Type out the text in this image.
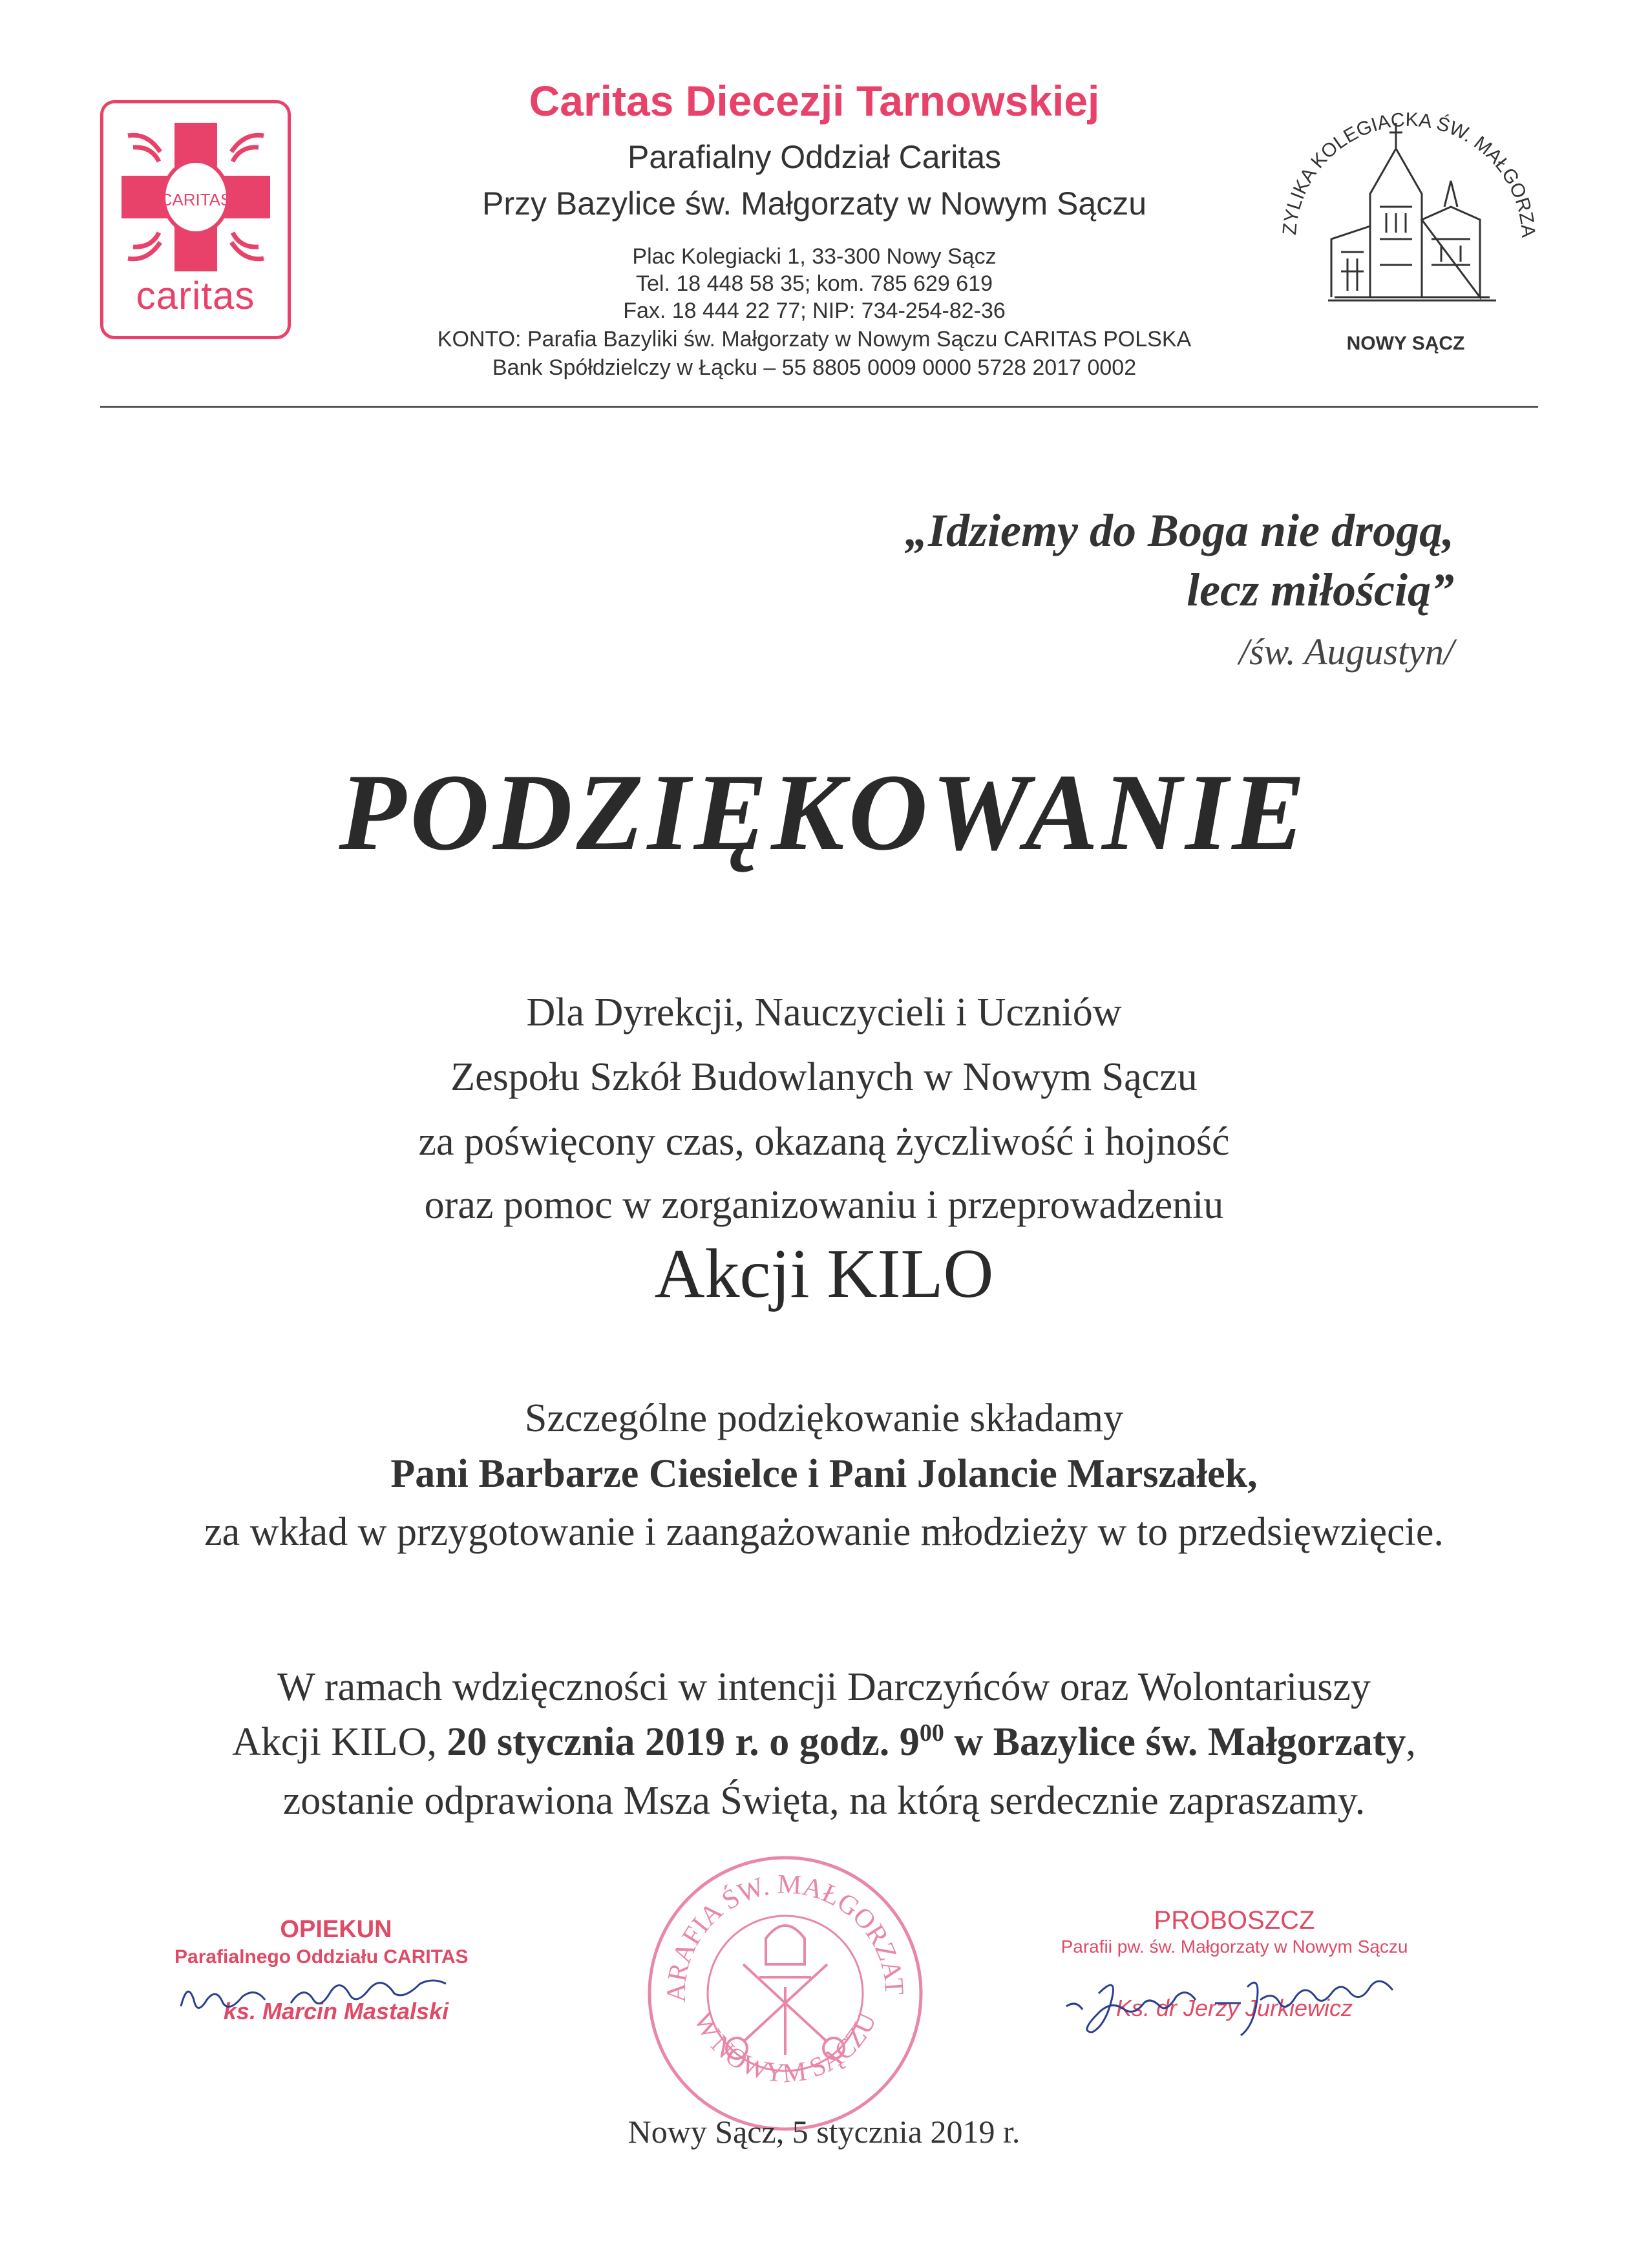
CARITAS
caritas
Caritas Diecezji Tarnowskiej
Parafialny Oddział Caritas
Przy Bazylice św. Małgorzaty w Nowym Sączu
Plac Kolegiacki 1, 33-300 Nowy Sącz
Tel. 18 448 58 35; kom. 785 629 619
Fax. 18 444 22 77; NIP: 734-254-82-36
KONTO: Parafia Bazyliki św. Małgorzaty w Nowym Sączu CARITAS POLSKA
Bank Spółdzielczy w Łącku – 55 8805 0009 0000 5728 2017 0002
ZYLIKA KOLEGIACKA ŚW. MAŁGORZA
NOWY SĄCZ
„Idziemy do Boga nie drogą,
lecz miłością”
/św. Augustyn/
PODZIĘKOWANIE
Dla Dyrekcji, Nauczycieli i Uczniów
Zespołu Szkół Budowlanych w Nowym Sączu
za poświęcony czas, okazaną życzliwość i hojność
oraz pomoc w zorganizowaniu i przeprowadzeniu
Akcji KILO
Szczególne podziękowanie składamy
Pani Barbarze Ciesielce i Pani Jolancie Marszałek,
za wkład w przygotowanie i zaangażowanie młodzieży w to przedsięwzięcie.
W ramach wdzięczności w intencji Darczyńców oraz Wolontariuszy
Akcji KILO, 20 stycznia 2019 r. o godz. $9^{00}$ w Bazylice św. Małgorzaty,
zostanie odprawiona Msza Święta, na którą serdecznie zapraszamy.
OPIEKUN
Parafialnego Oddziału CARITAS
ks. Marcin Mastalski
ARAFIA ŚW. MAŁGORZAT
W NOWYM SĄCZU
PROBOSZCZ
Parafii pw. św. Małgorzaty w Nowym Sączu
Ks. dr Jerzy Jurkiewicz
Nowy Sącz, 5 stycznia 2019 r.
